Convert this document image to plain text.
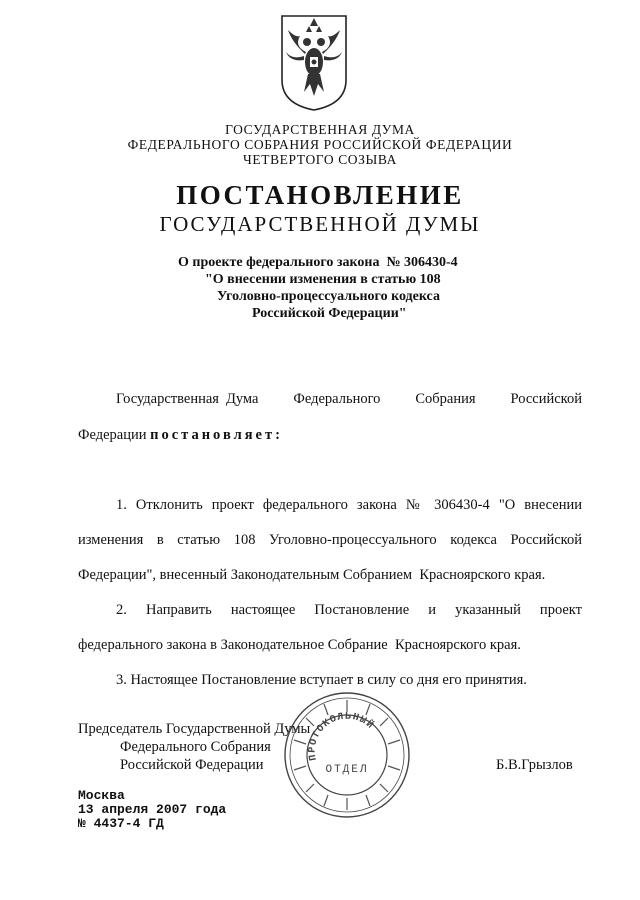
ГОСУДАРСТВЕННАЯ ДУМА
ФЕДЕРАЛЬНОГО СОБРАНИЯ РОССИЙСКОЙ ФЕДЕРАЦИИ
ЧЕТВЕРТОГО СОЗЫВА
ПОСТАНОВЛЕНИЕ
ГОСУДАРСТВЕННОЙ ДУМЫ
О проекте федерального закона  № 306430-4
"О внесении изменения в статью 108
Уголовно-процессуального кодекса
Российской Федерации"
Государственная Дума     Федерального     Собрания     Российской
Федерации постановляет:
1. Отклонить проект федерального закона № 306430-4 "О внесении
изменения в статью 108 Уголовно-процессуального кодекса Российской
Федерации", внесенный Законодательным Собранием  Красноярского края.
2.   Направить   настоящее   Постановление   и   указанный   проект
федерального закона в Законодательное Собрание  Красноярского края.
3. Настоящее Постановление вступает в силу со дня его принятия.
Председатель Государственной Думы
Федерального Собрания
Российской Федерации	Б.В.Грызлов
ПРОТОКОЛЬНЫЙ
ОТДЕЛ
Москва
13 апреля 2007 года
№ 4437-4 ГД
